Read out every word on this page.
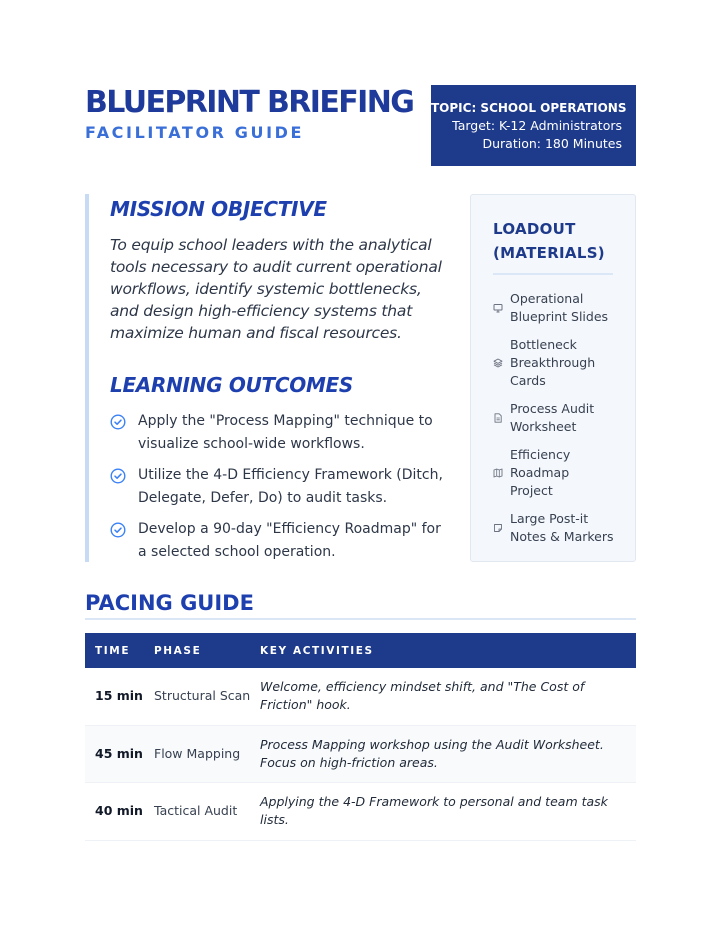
BLUEPRINT BRIEFING
FACILITATOR GUIDE
TOPIC: SCHOOL OPERATIONS
Target: K-12 Administrators
Duration: 180 Minutes
MISSION OBJECTIVE

To equip school leaders with the analytical tools necessary to audit current operational workflows, identify systemic bottlenecks, and design high-efficiency systems that maximize human and fiscal resources.

LEARNING OUTCOMES
Apply the "Process Mapping" technique to visualize school-wide workflows.
Utilize the 4-D Efficiency Framework (Ditch, Delegate, Defer, Do) to audit tasks.
Develop a 90-day "Efficiency Roadmap" for a selected school operation.
LOADOUT (MATERIALS)
Operational Blueprint Slides
Bottleneck Breakthrough Cards
Process Audit Worksheet
Efficiency Roadmap Project
Large Post-it Notes & Markers
PACING GUIDE
TIME	PHASE	KEY ACTIVITIES
15 min Structural Scan
Welcome, efficiency mindset shift, and "The Cost of Friction" hook.
45 min Flow Mapping
Process Mapping workshop using the Audit Worksheet. Focus on high-friction areas.
40 min Tactical Audit
Applying the 4-D Framework to personal and team task lists.
